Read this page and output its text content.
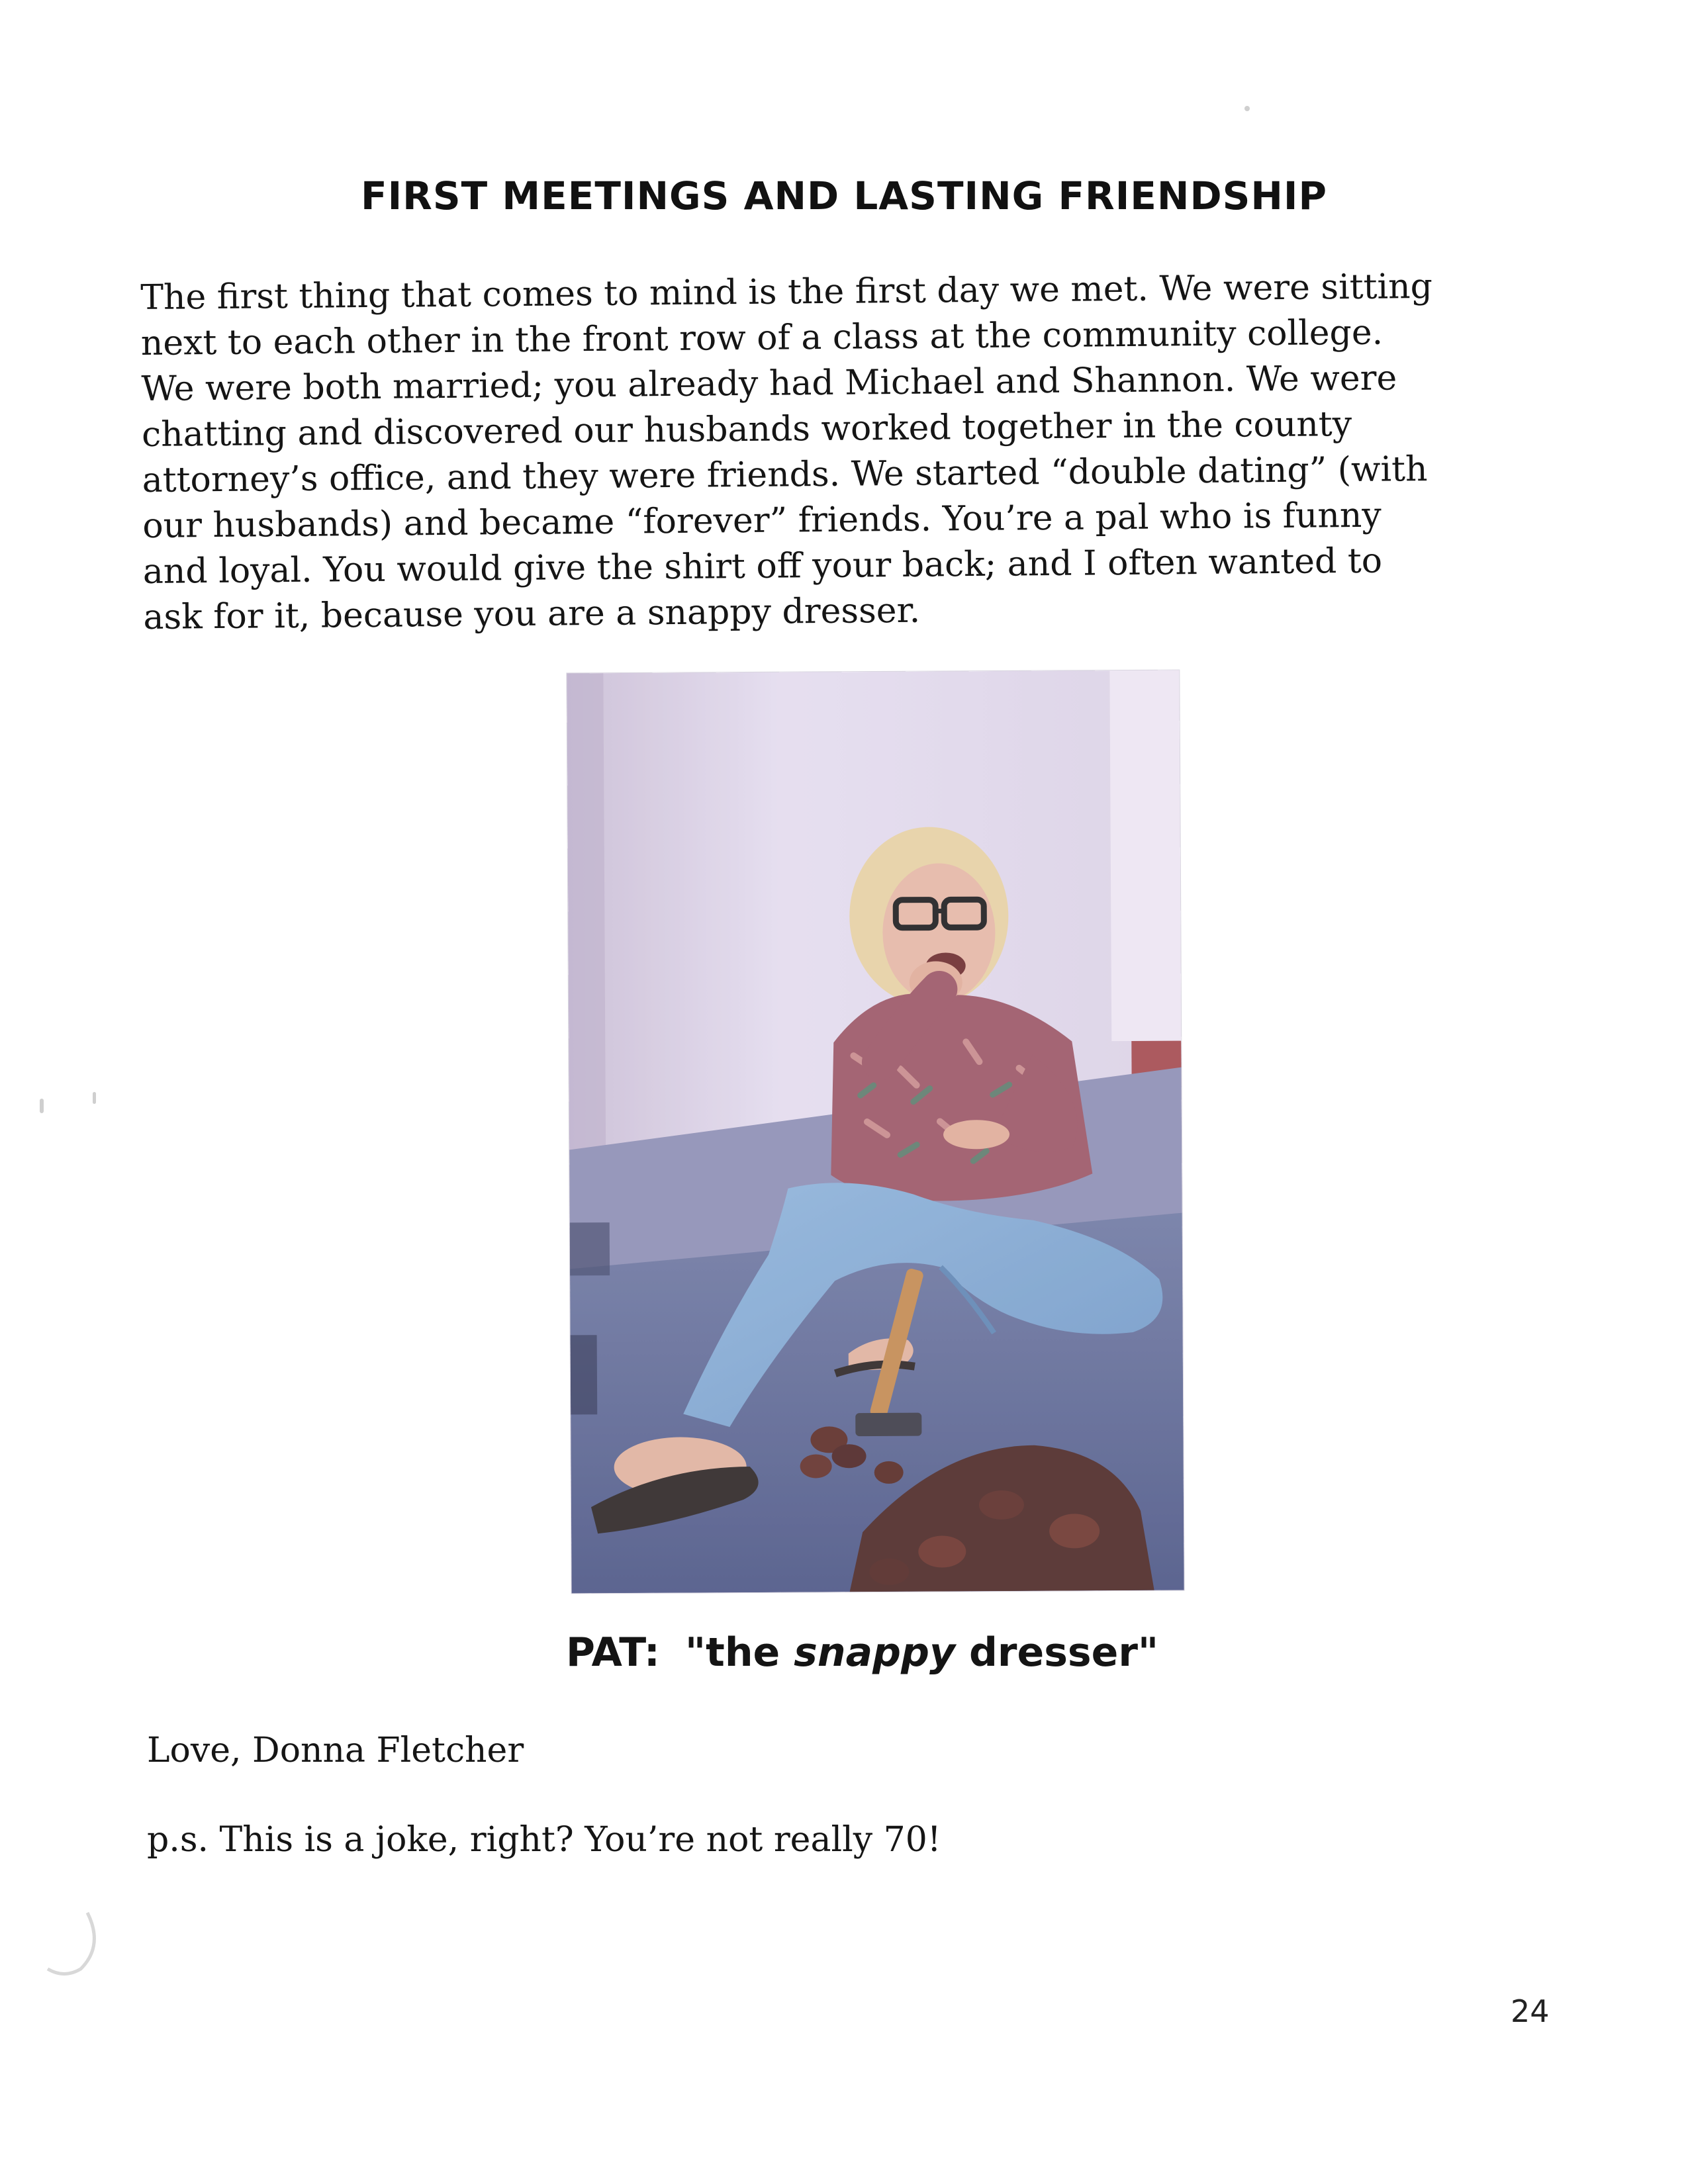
FIRST MEETINGS AND LASTING FRIENDSHIP
The first thing that comes to mind is the first day we met. We were sitting
next to each other in the front row of a class at the community college.
We were both married; you already had Michael and Shannon. We were
chatting and discovered our husbands worked together in the county
attorney’s office, and they were friends. We started “double dating” (with
our husbands) and became “forever” friends. You’re a pal who is funny
and loyal. You would give the shirt off your back; and I often wanted to
ask for it, because you are a snappy dresser.
PAT: "the snappy dresser"
Love, Donna Fletcher
p.s. This is a joke, right? You’re not really 70!
24
